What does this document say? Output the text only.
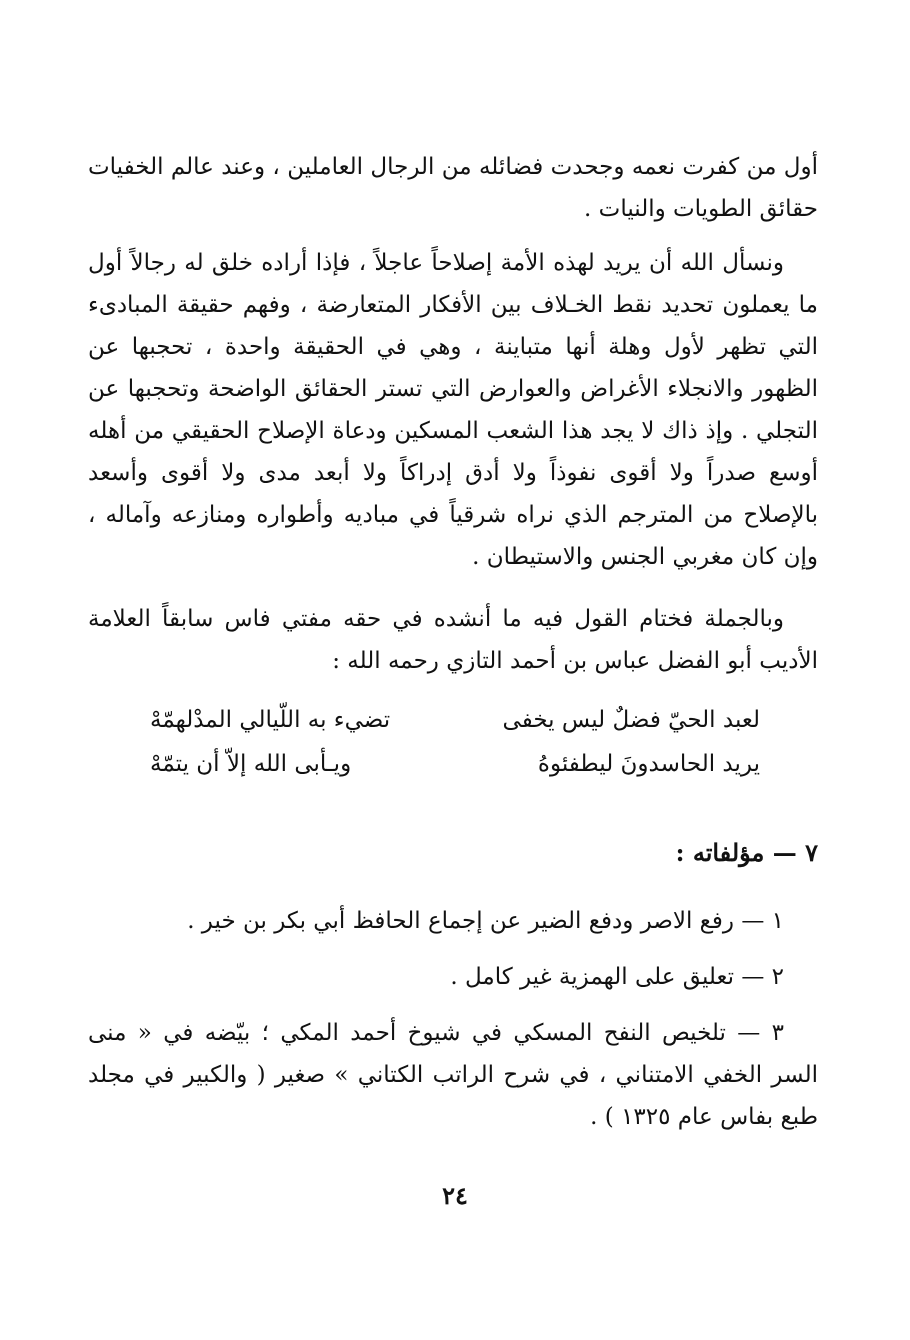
أول من كفرت نعمه وجحدت فضائله من الرجال العاملين ، وعند عالم الخفيات حقائق الطويات والنيات .

ونسأل الله أن يريد لهذه الأمة إصلاحاً عاجلاً ، فإذا أراده خلق له رجالاً أول ما يعملون تحديد نقط الخـلاف بين الأفكار المتعارضة ، وفهم حقيقة المبادىء التي تظهر لأول وهلة أنها متباينة ، وهي في الحقيقة واحدة ، تحجبها عن الظهور والانجلاء الأغراض والعوارض التي تستر الحقائق الواضحة وتحجبها عن التجلي . وإذ ذاك لا يجد هذا الشعب المسكين ودعاة الإصلاح الحقيقي من أهله أوسع صدراً ولا أقوى نفوذاً ولا أدق إدراكاً ولا أبعد مدى ولا أقوى وأسعد بالإصلاح من المترجم الذي نراه شرقياً في مباديه وأطواره ومنازعه وآماله ، وإن كان مغربي الجنس والاستيطان .

وبالجملة فختام القول فيه ما أنشده في حقه مفتي فاس سابقاً العلامة الأديب أبو الفضل عباس بن أحمد التازي رحمه الله :

لعبد الحيّ فضلٌ ليس يخفى
تضيء به اللّيالي المدْلهمّهْ
يريد الحاسدونَ ليطفئوهُ
ويـأبى الله إلاّ أن يتمّهْ
٧ — مؤلفاته :

١ — رفع الاصر ودفع الضير عن إجماع الحافظ أبي بكر بن خير .

٢ — تعليق على الهمزية غير كامل .

٣ — تلخيص النفح المسكي في شيوخ أحمد المكي ؛ بيّضه في « منى السر الخفي الامتناني ، في شرح الراتب الكتاني » صغير ( والكبير في مجلد طبع بفاس عام ١٣٢٥ ) .

٢٤
